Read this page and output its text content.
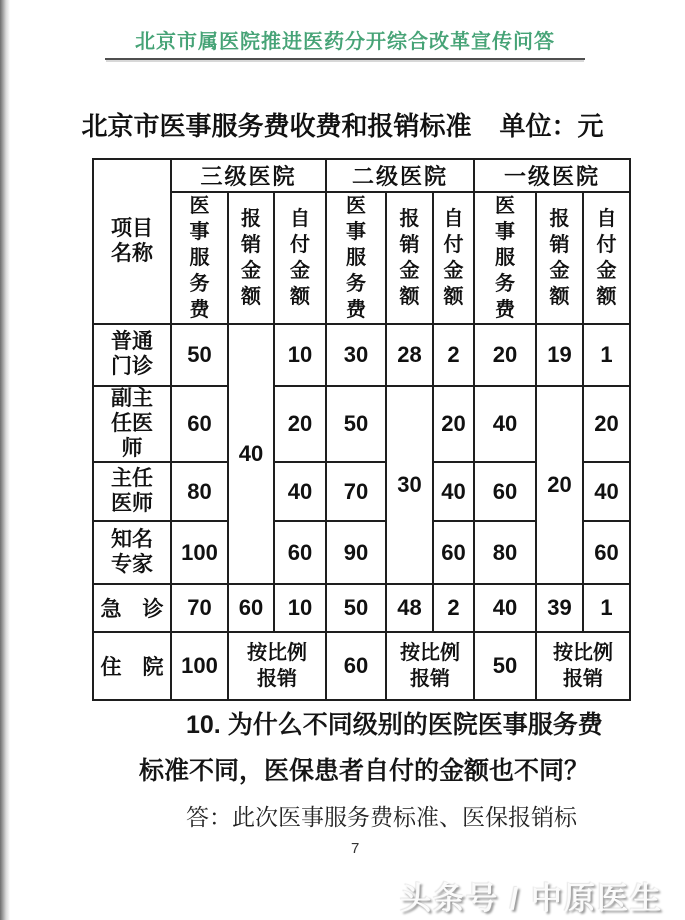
北京市属医院推进医药分开综合改革宣传问答
北京市医事服务费收费和报销标准 单位：元
项目名称	三级医院			二级医院			一级医院		
	医事服务费	报销金额	自付金额	医事服务费	报销金额	自付金额	医事服务费	报销金额	自付金额
普通门诊	50	40	10	30	28	2	20	19	1
副主任医师	60		20	50	30	20	40	20	20
主任医师	80		40	70		40	60		40
知名专家	100		60	90		60	80		60
急　诊	70	60	10	50	48	2	40	39	1
住　院	100	按比例报销		60	按比例报销		50	按比例报销	
10. 为什么不同级别的医院医事服务费
标准不同，医保患者自付的金额也不同？
答：此次医事服务费标准、医保报销标
7
头条号 / 中原医生
